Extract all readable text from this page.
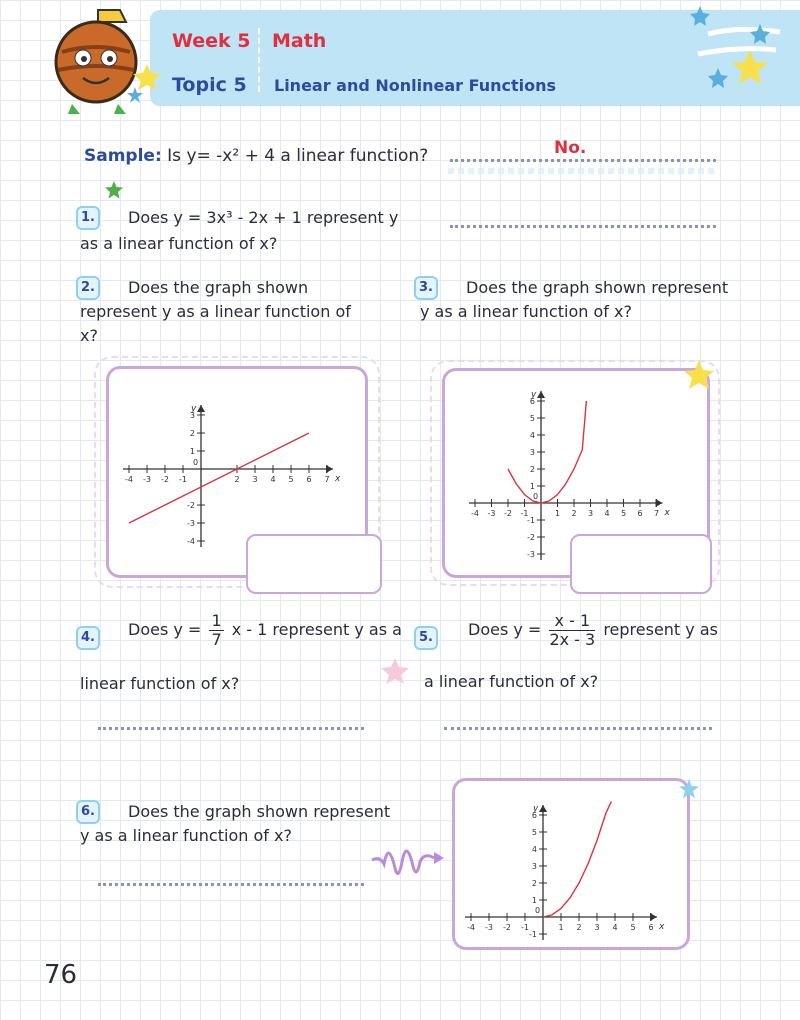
Week 5 Math
Topic 5 Linear and Nonlinear Functions
Sample: Is y= -x² + 4 a linear function?	No.
1.	Does y = 3x³ - 2x + 1 represent y
as a linear function of x?
2.	Does the graph shown
represent y as a linear function of
x?
3.	Does the graph shown represent
y as a linear function of x?
x
y
0
-4 -3 -2 -1	2 3 4 5 6 7
3
2
1
-2
-3
-4
x
y
0
-4 -3 -2 -1	1 2 3 4 5 6 7
6
5
4
3
2
1
-1
-2
-3
4.	Does $y = \frac{1}{7}$ x - 1 represent y as a
linear function of x?
5.	Does $y = \frac{x - 1}{2x - 3}$ represent y as
a linear function of x?
6.	Does the graph shown represent
y as a linear function of x?
x
y
0
-4 -3 -2 -1	1 2 3 4 5 6
6
5
4
3
2
1
-1
76
